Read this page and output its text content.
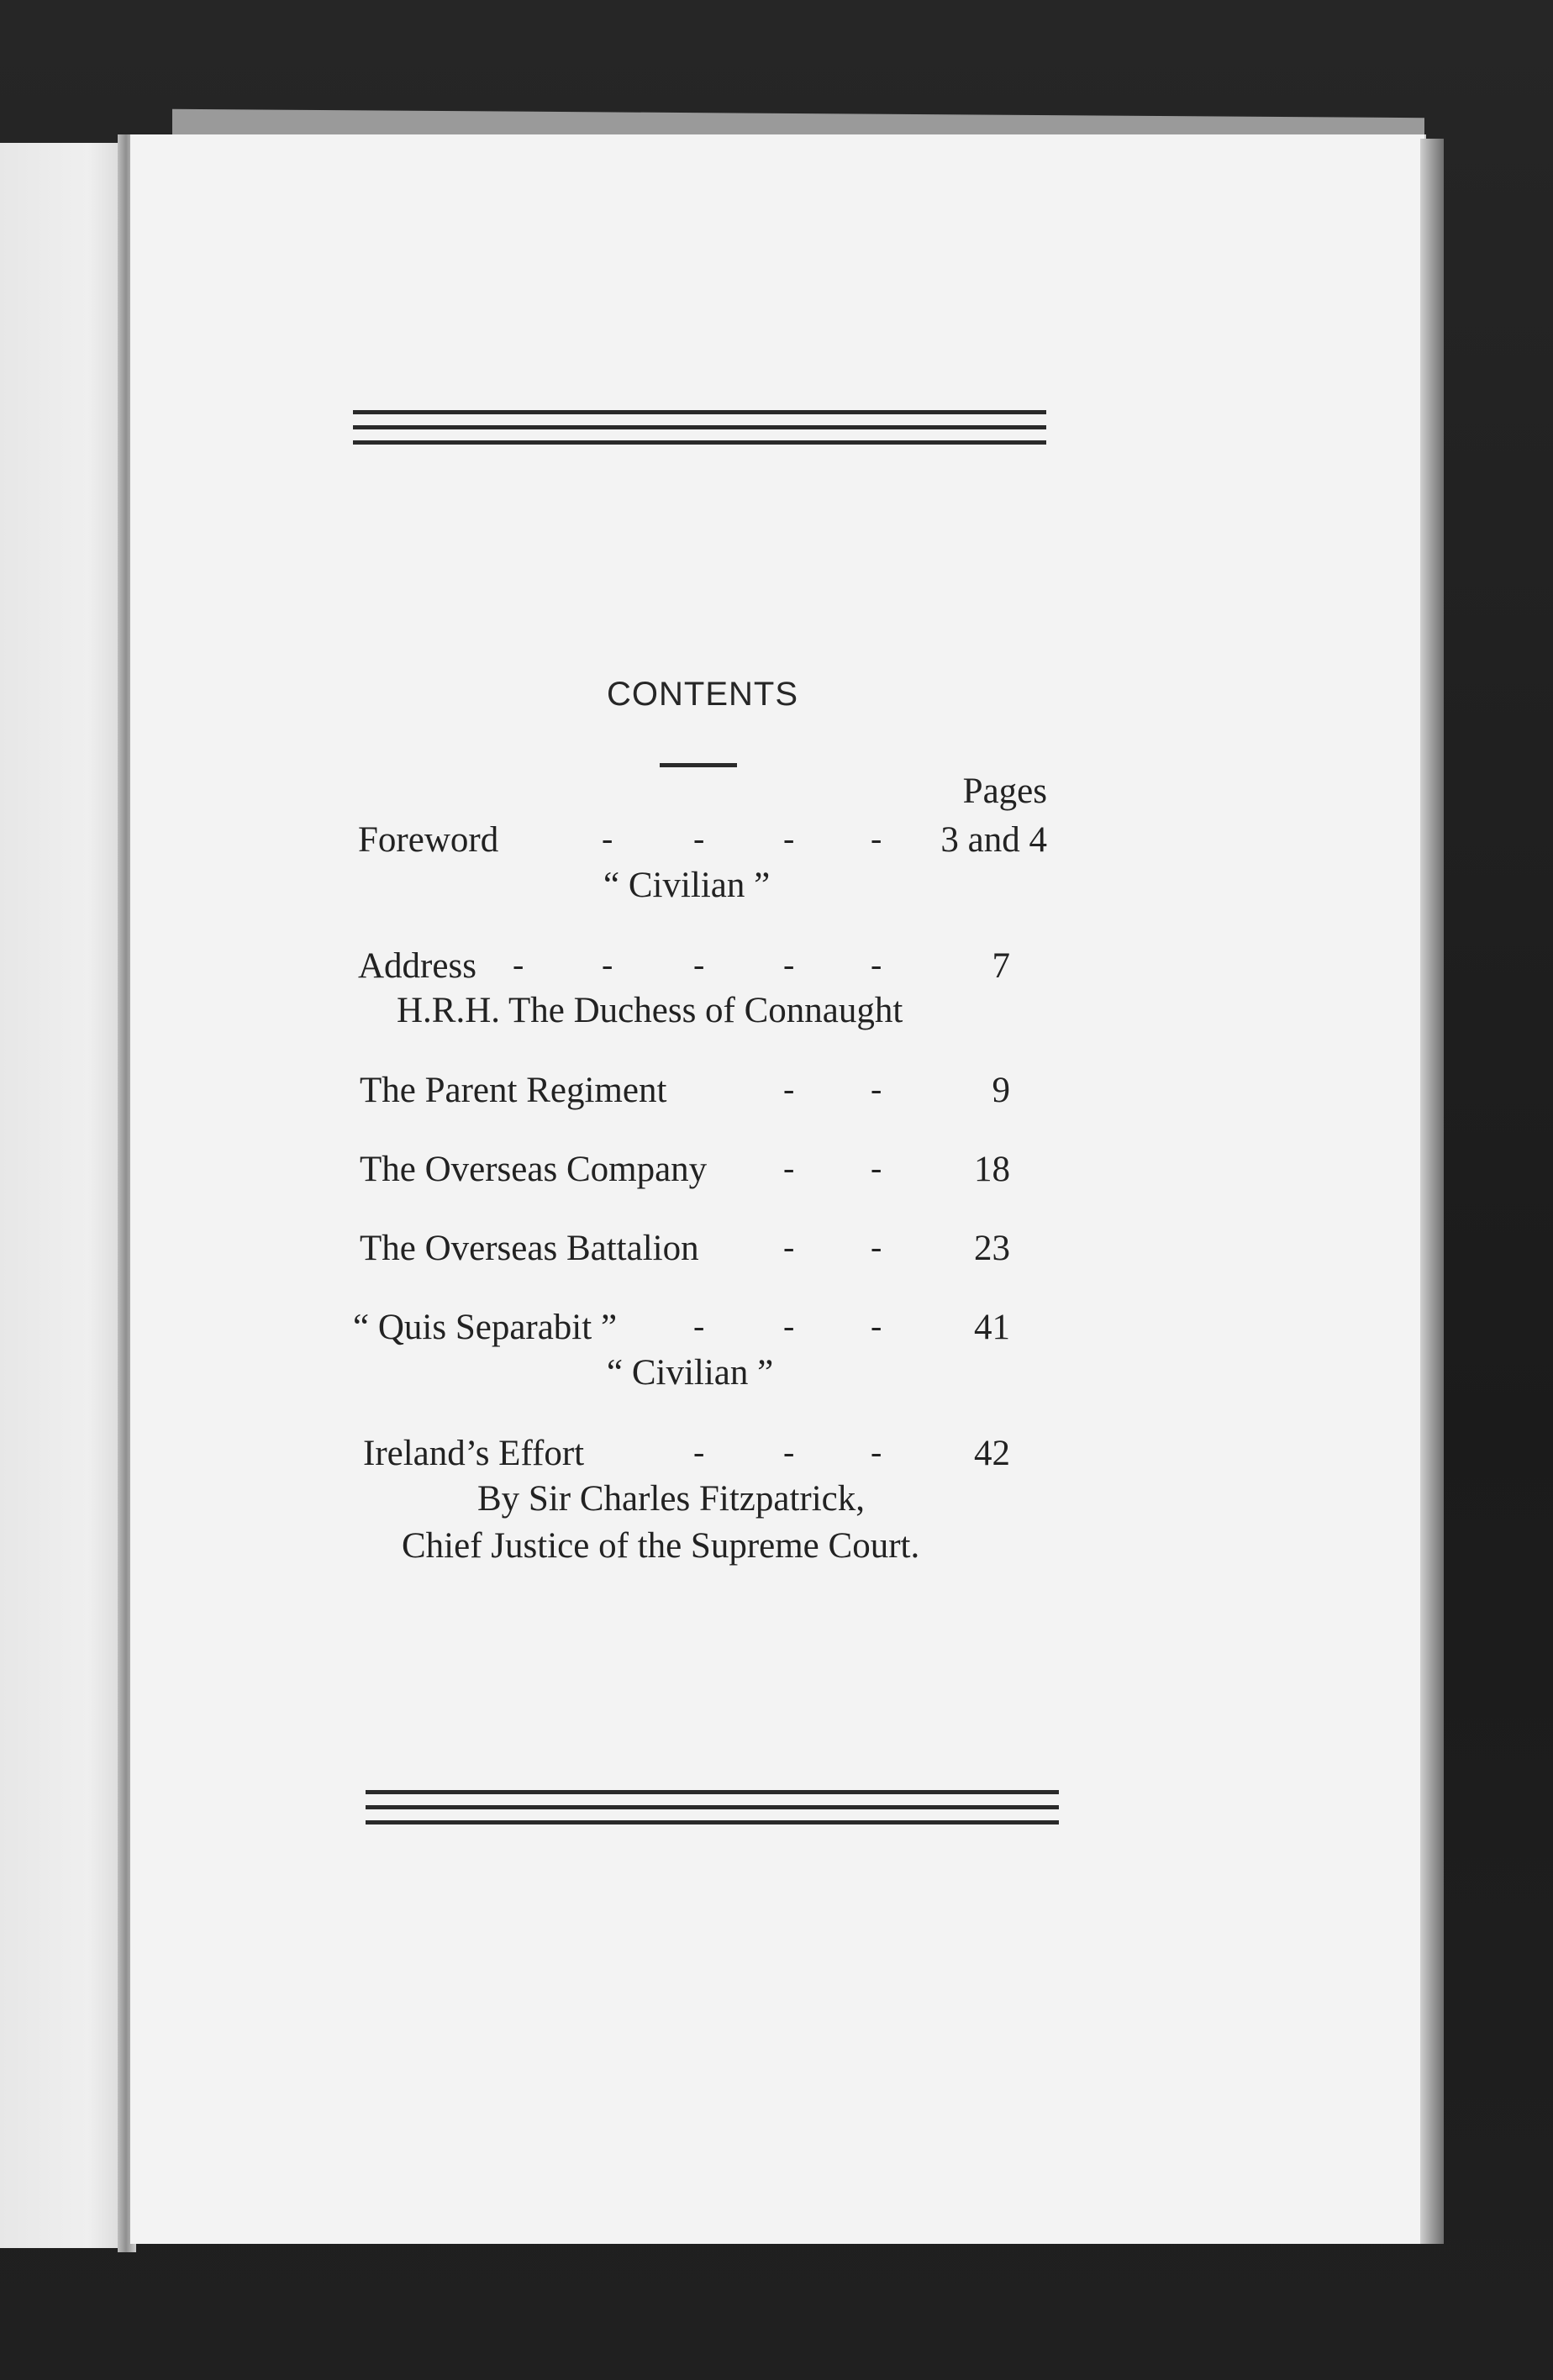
CONTENTS
Pages
Foreword	- - - -	3 and 4
“ Civilian ”
Address - - - - -	7
H.R.H. The Duchess of Connaught
The Parent Regiment	- -	9
The Overseas Company - -	18
The Overseas Battalion	- -	23
“ Quis Separabit ” - - -	41
“ Civilian ”
Ireland’s Effort	- - -	42
By Sir Charles Fitzpatrick,
Chief Justice of the Supreme Court.
